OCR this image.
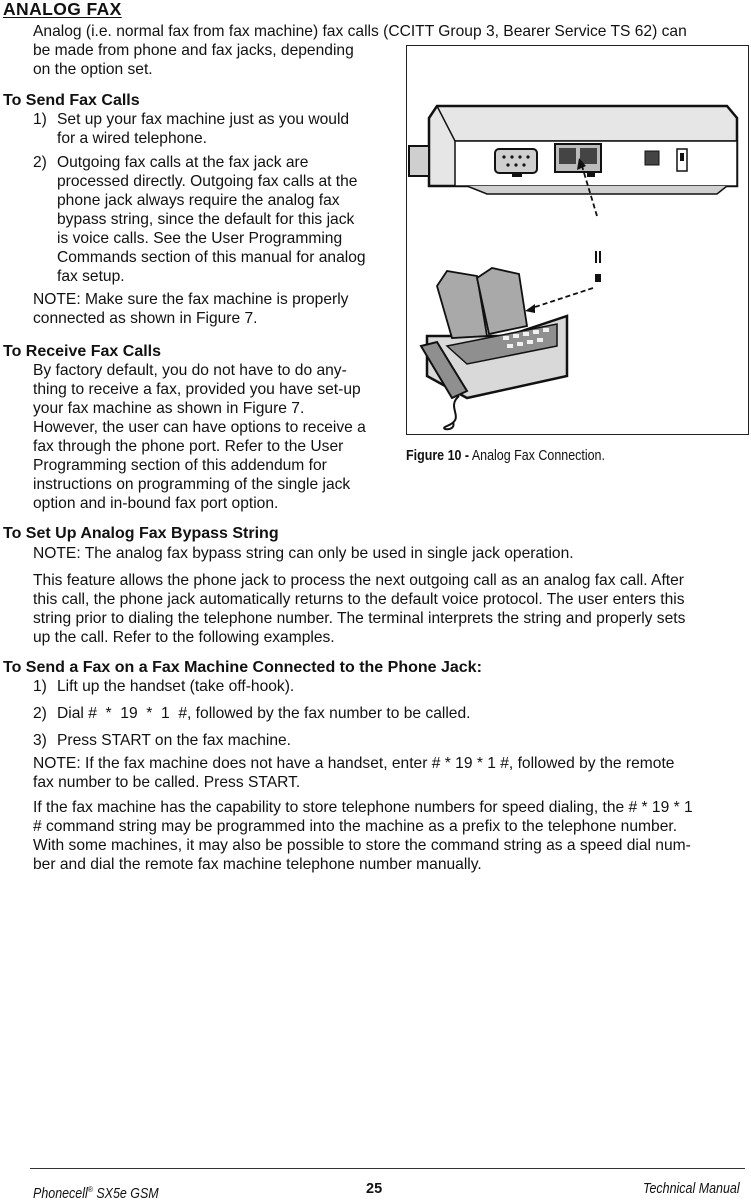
ANALOG FAX

Analog (i.e. normal fax from fax machine) fax calls (CCITT Group 3, Bearer Service TS 62) can

be made from phone and fax jacks, depending

on the option set.

To Send Fax Calls
1) Set up your fax machine just as you would

for a wired telephone.

2) Outgoing fax calls at the fax jack are

processed directly. Outgoing fax calls at the

phone jack always require the analog fax

bypass string, since the default for this jack

is voice calls. See the User Programming

Commands section of this manual for analog

fax setup.

NOTE: Make sure the fax machine is properly

connected as shown in Figure 7.

To Receive Fax Calls

By factory default, you do not have to do any-

thing to receive a fax, provided you have set-up

your fax machine as shown in Figure 7.

However, the user can have options to receive a

fax through the phone port. Refer to the User

Programming section of this addendum for

instructions on programming of the single jack

option and in-bound fax port option.

Figure 10 - Analog Fax Connection.
To Set Up Analog Fax Bypass String
NOTE: The analog fax bypass string can only be used in single jack operation.

This feature allows the phone jack to process the next outgoing call as an analog fax call. After

this call, the phone jack automatically returns to the default voice protocol. The user enters this

string prior to dialing the telephone number. The terminal interprets the string and properly sets

up the call. Refer to the following examples.

To Send a Fax on a Fax Machine Connected to the Phone Jack:
1) Lift up the handset (take off-hook).
2) Dial #  *  19  *  1  #, followed by the fax number to be called.
3) Press START on the fax machine.

NOTE: If the fax machine does not have a handset, enter # * 19 * 1 #, followed by the remote

fax number to be called. Press START.

If the fax machine has the capability to store telephone numbers for speed dialing, the # * 19 * 1

# command string may be programmed into the machine as a prefix to the telephone number.

With some machines, it may also be possible to store the command string as a speed dial num-

ber and dial the remote fax machine telephone number manually.

Phonecell® SX5e GSM	25	Technical Manual
